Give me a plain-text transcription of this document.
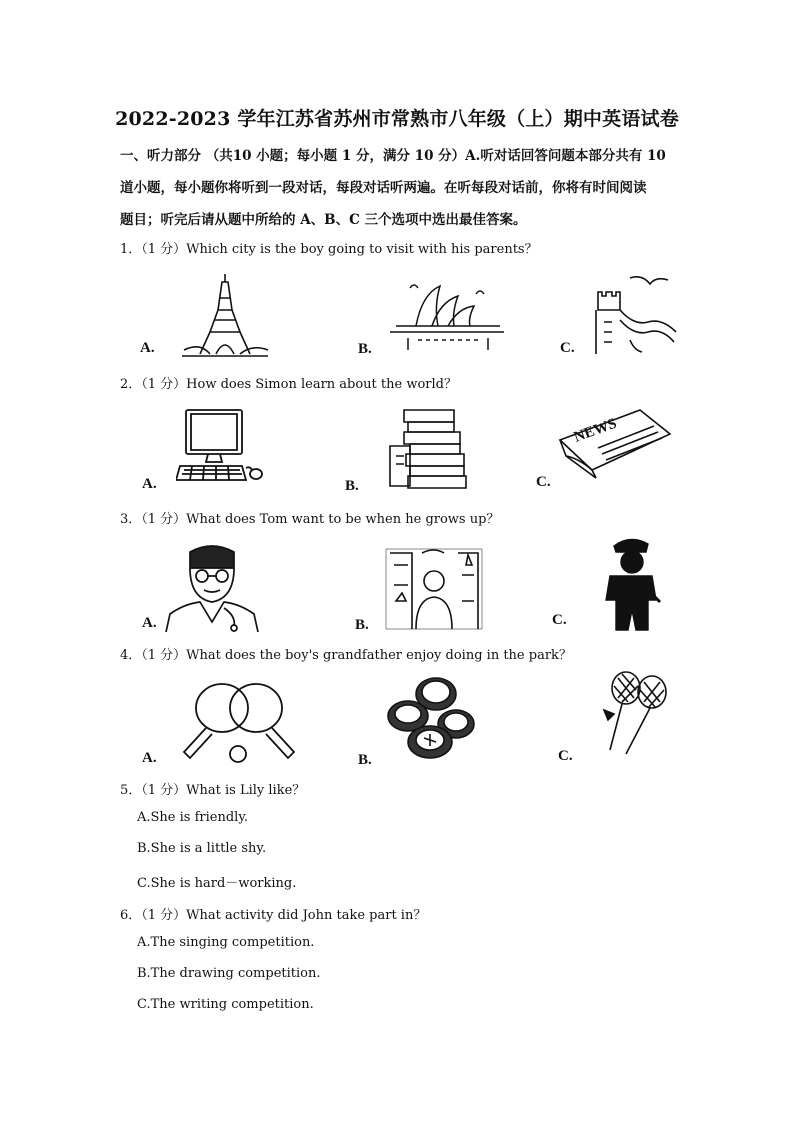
2022-2023 学年江苏省苏州市常熟市八年级（上）期中英语试卷
一、听力部分 （共10 小题；每小题 1 分，满分 10 分）A.听对话回答问题本部分共有 10
道小题，每小题你将听到一段对话，每段对话听两遍。在听每段对话前，你将有时间阅读
题目；听完后请从题中所给的 A、B、C 三个选项中选出最佳答案。
1．（1 分）Which city is the boy going to visit with his parents？
A.	B.	C.
2．（1 分）How does Simon learn about the world？
A.	B.	C.
NEWS
3．（1 分）What does Tom want to be when he grows up？
A.	B.	C.
4．（1 分）What does the boy's grandfather enjoy doing in the park？
A.	B.	C.
5．（1 分）What is Lily like？
A.She is friendly.
B.She is a little shy.
C.She is hard－working.
6．（1 分）What activity did John take part in？
A.The singing competition.
B.The drawing competition.
C.The writing competition.
